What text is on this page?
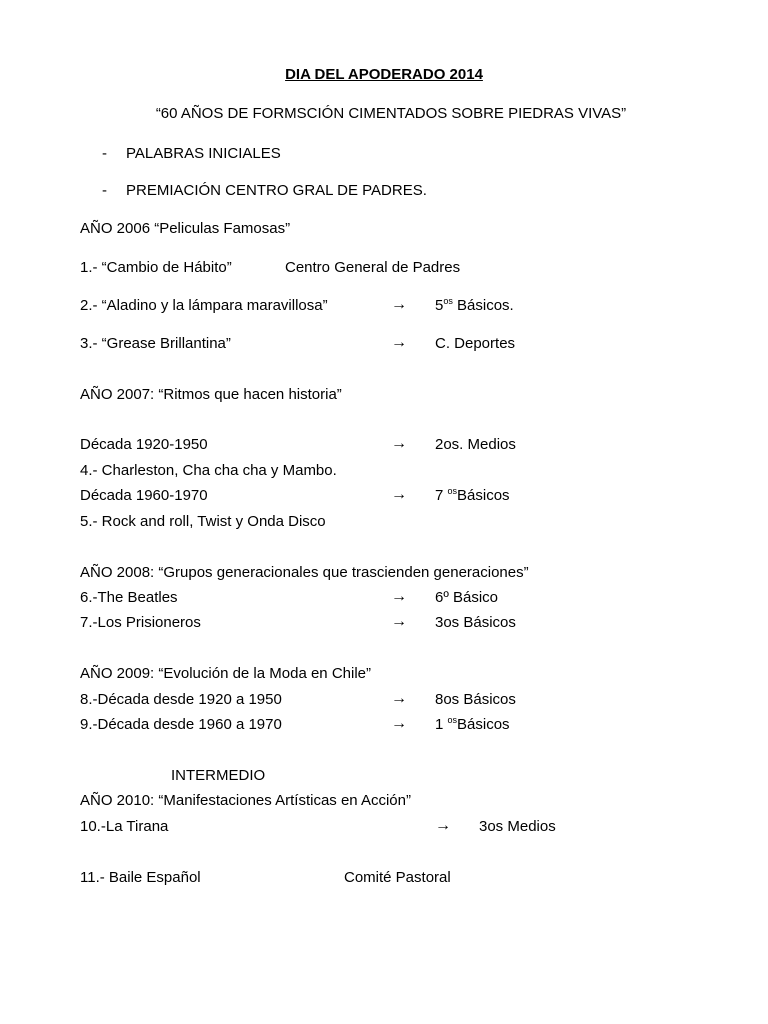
DIA DEL APODERADO 2014
“60 AÑOS DE FORMSCIÓN CIMENTADOS SOBRE PIEDRAS VIVAS”
- PALABRAS INICIALES
- PREMIACIÓN CENTRO GRAL DE PADRES.
AÑO 2006 “Peliculas Famosas”
1.- “Cambio de Hábito”	Centro General de Padres
2.- “Aladino y la lámpara maravillosa”	→ $5^{os}$ Básicos.
3.- “Grease Brillantina”	→ C. Deportes
AÑO 2007: “Ritmos que hacen historia”
Década 1920-1950	→ 2os. Medios
4.- Charleston, Cha cha cha y Mambo.
Década 1960-1970	→ 7 $^{os}$Básicos
5.- Rock and roll, Twist y Onda Disco
AÑO 2008: “Grupos generacionales que trascienden generaciones”
6.-The Beatles	→ 6º Básico
7.-Los Prisioneros	→ 3os Básicos
AÑO 2009: “Evolución de la Moda en Chile”
8.-Década desde 1920 a 1950	→ 8os Básicos
9.-Década desde 1960 a 1970	→ 1 $^{os}$Básicos
INTERMEDIO
AÑO 2010: “Manifestaciones Artísticas en Acción”
10.-La Tirana	→ 3os Medios
11.- Baile Español	Comité Pastoral
